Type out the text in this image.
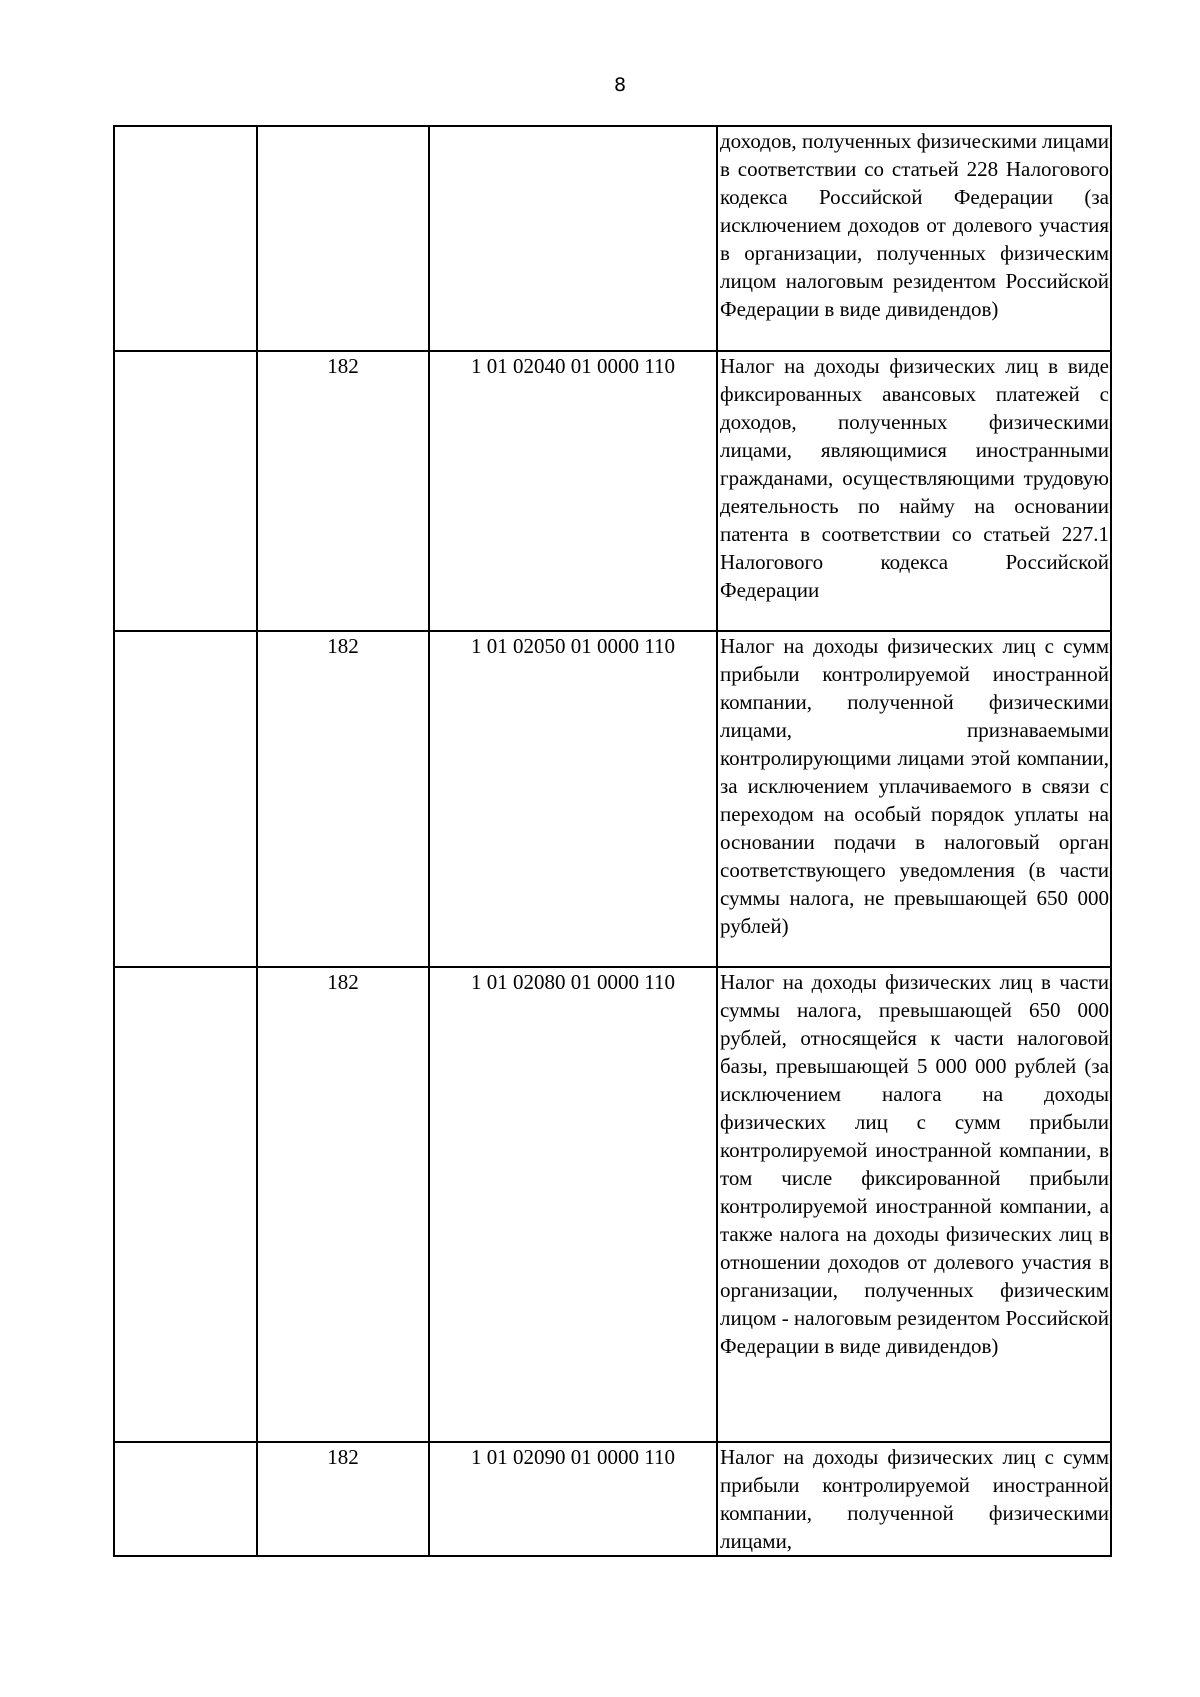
8
			доходов, полученных физическими лицами в соответствии со статьей 228 Налогового кодекса Российской Федерации (за исключением доходов от долевого участия в организации, полученных физическим лицом налоговым резидентом Российской Федерации в виде дивидендов)
	182	1 01 02040 01 0000 110	Налог на доходы физических лиц в виде фиксированных авансовых платежей с доходов, полученных физическими лицами, являющимися иностранными гражданами, осуществляющими трудовую деятельность по найму на основании патента в соответствии со статьей 227.1 Налогового кодекса Российской Федерации
	182	1 01 02050 01 0000 110	Налог на доходы физических лиц с сумм прибыли контролируемой иностранной компании, полученной физическими лицами, признаваемыми контролирующими лицами этой компании, за исключением уплачиваемого в связи с переходом на особый порядок уплаты на основании подачи в налоговый орган соответствующего уведомления (в части суммы налога, не превышающей 650 000 рублей)
	182	1 01 02080 01 0000 110	Налог на доходы физических лиц в части суммы налога, превышающей 650 000 рублей, относящейся к части налоговой базы, превышающей 5 000 000 рублей (за исключением налога на доходы физических лиц с сумм прибыли контролируемой иностранной компании, в том числе фиксированной прибыли контролируемой иностранной компании, а также налога на доходы физических лиц в отношении доходов от долевого участия в организации, полученных физическим лицом - налоговым резидентом Российской Федерации в виде дивидендов)
	182	1 01 02090 01 0000 110	Налог на доходы физических лиц с сумм прибыли контролируемой иностранной компании, полученной физическими лицами,
